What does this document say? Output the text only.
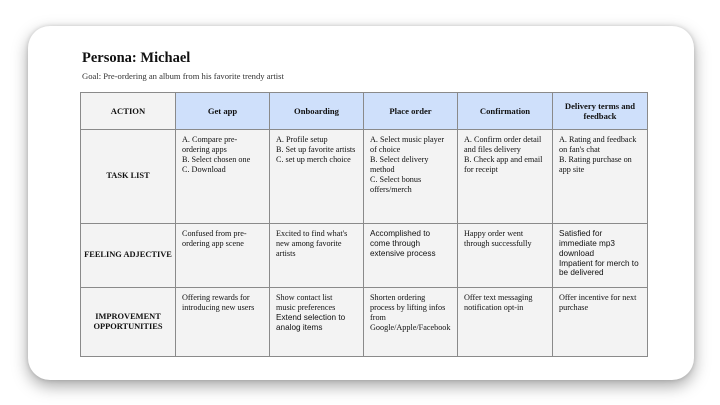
Persona: Michael
Goal: Pre-ordering an album from his favorite trendy artist
ACTION	Get app	Onboarding	Place order	Confirmation	Delivery terms and feedback
TASK LIST	A. Compare pre-ordering apps
B. Select chosen one
C. Download	A. Profile setup
B. Set up favorite artists
C. set up merch choice	A. Select music player of choice
B. Select delivery method
C. Select bonus offers/merch	A. Confirm order detail and files delivery
B. Check app and email for receipt	A. Rating and feedback on fan's chat
B. Rating purchase on app site

FEELING ADJECTIVE	Confused from pre-ordering app scene	Excited to find what's new among favorite artists	Accomplished to come through extensive process	Happy order went through successfully	Satisfied for immediate mp3 download
Impatient for merch to be delivered

IMPROVEMENT OPPORTUNITIES	Offering rewards for introducing new users	Show contact list
music preferences
Extend selection to analog items	Shorten ordering process by lifting infos from Google/Apple/Facebook	Offer text messaging notification opt-in	Offer incentive for next purchase
